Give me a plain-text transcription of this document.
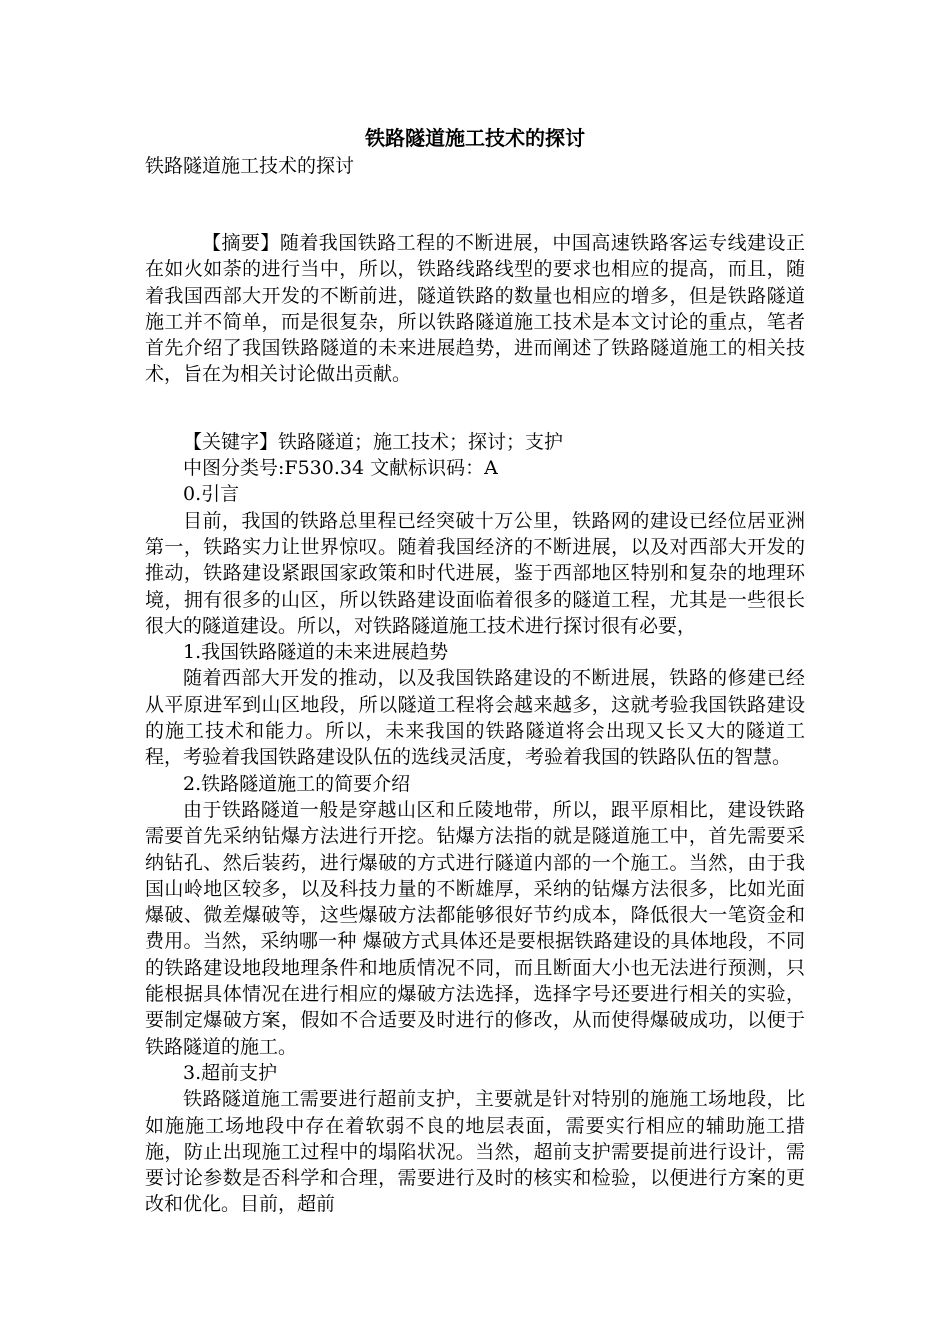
铁路隧道施工技术的探讨

铁路隧道施工技术的探讨

【摘要】随着我国铁路工程的不断进展，中国高速铁路客运专线建设正在如火如荼的进行当中，所以，铁路线路线型的要求也相应的提高，而且，随着我国西部大开发的不断前进，隧道铁路的数量也相应的增多，但是铁路隧道施工并不简单，而是很复杂，所以铁路隧道施工技术是本文讨论的重点，笔者首先介绍了我国铁路隧道的未来进展趋势，进而阐述了铁路隧道施工的相关技术，旨在为相关讨论做出贡献。

【关键字】铁路隧道；施工技术；探讨；支护

中图分类号:F530.34 文献标识码：A

0.引言

目前，我国的铁路总里程已经突破十万公里，铁路网的建设已经位居亚洲第一，铁路实力让世界惊叹。随着我国经济的不断进展，以及对西部大开发的推动，铁路建设紧跟国家政策和时代进展，鉴于西部地区特别和复杂的地理环境，拥有很多的山区，所以铁路建设面临着很多的隧道工程，尤其是一些很长很大的隧道建设。所以，对铁路隧道施工技术进行探讨很有必要，

1.我国铁路隧道的未来进展趋势

随着西部大开发的推动，以及我国铁路建设的不断进展，铁路的修建已经从平原进军到山区地段，所以隧道工程将会越来越多，这就考验我国铁路建设的施工技术和能力。所以，未来我国的铁路隧道将会出现又长又大的隧道工程，考验着我国铁路建设队伍的选线灵活度，考验着我国的铁路队伍的智慧。

2.铁路隧道施工的简要介绍

由于铁路隧道一般是穿越山区和丘陵地带，所以，跟平原相比，建设铁路需要首先采纳钻爆方法进行开挖。钻爆方法指的就是隧道施工中，首先需要采纳钻孔、然后装药，进行爆破的方式进行隧道内部的一个施工。当然，由于我国山岭地区较多，以及科技力量的不断雄厚，采纳的钻爆方法很多，比如光面爆破、微差爆破等，这些爆破方法都能够很好节约成本，降低很大一笔资金和费用。当然，采纳哪一种 爆破方式具体还是要根据铁路建设的具体地段，不同的铁路建设地段地理条件和地质情况不同，而且断面大小也无法进行预测，只能根据具体情况在进行相应的爆破方法选择，选择字号还要进行相关的实验，要制定爆破方案，假如不合适要及时进行的修改，从而使得爆破成功，以便于铁路隧道的施工。

3.超前支护

铁路隧道施工需要进行超前支护，主要就是针对特别的施施工场地段，比如施施工场地段中存在着软弱不良的地层表面，需要实行相应的辅助施工措施，防止出现施工过程中的塌陷状况。当然，超前支护需要提前进行设计，需要讨论参数是否科学和合理，需要进行及时的核实和检验，以便进行方案的更改和优化。目前，超前
